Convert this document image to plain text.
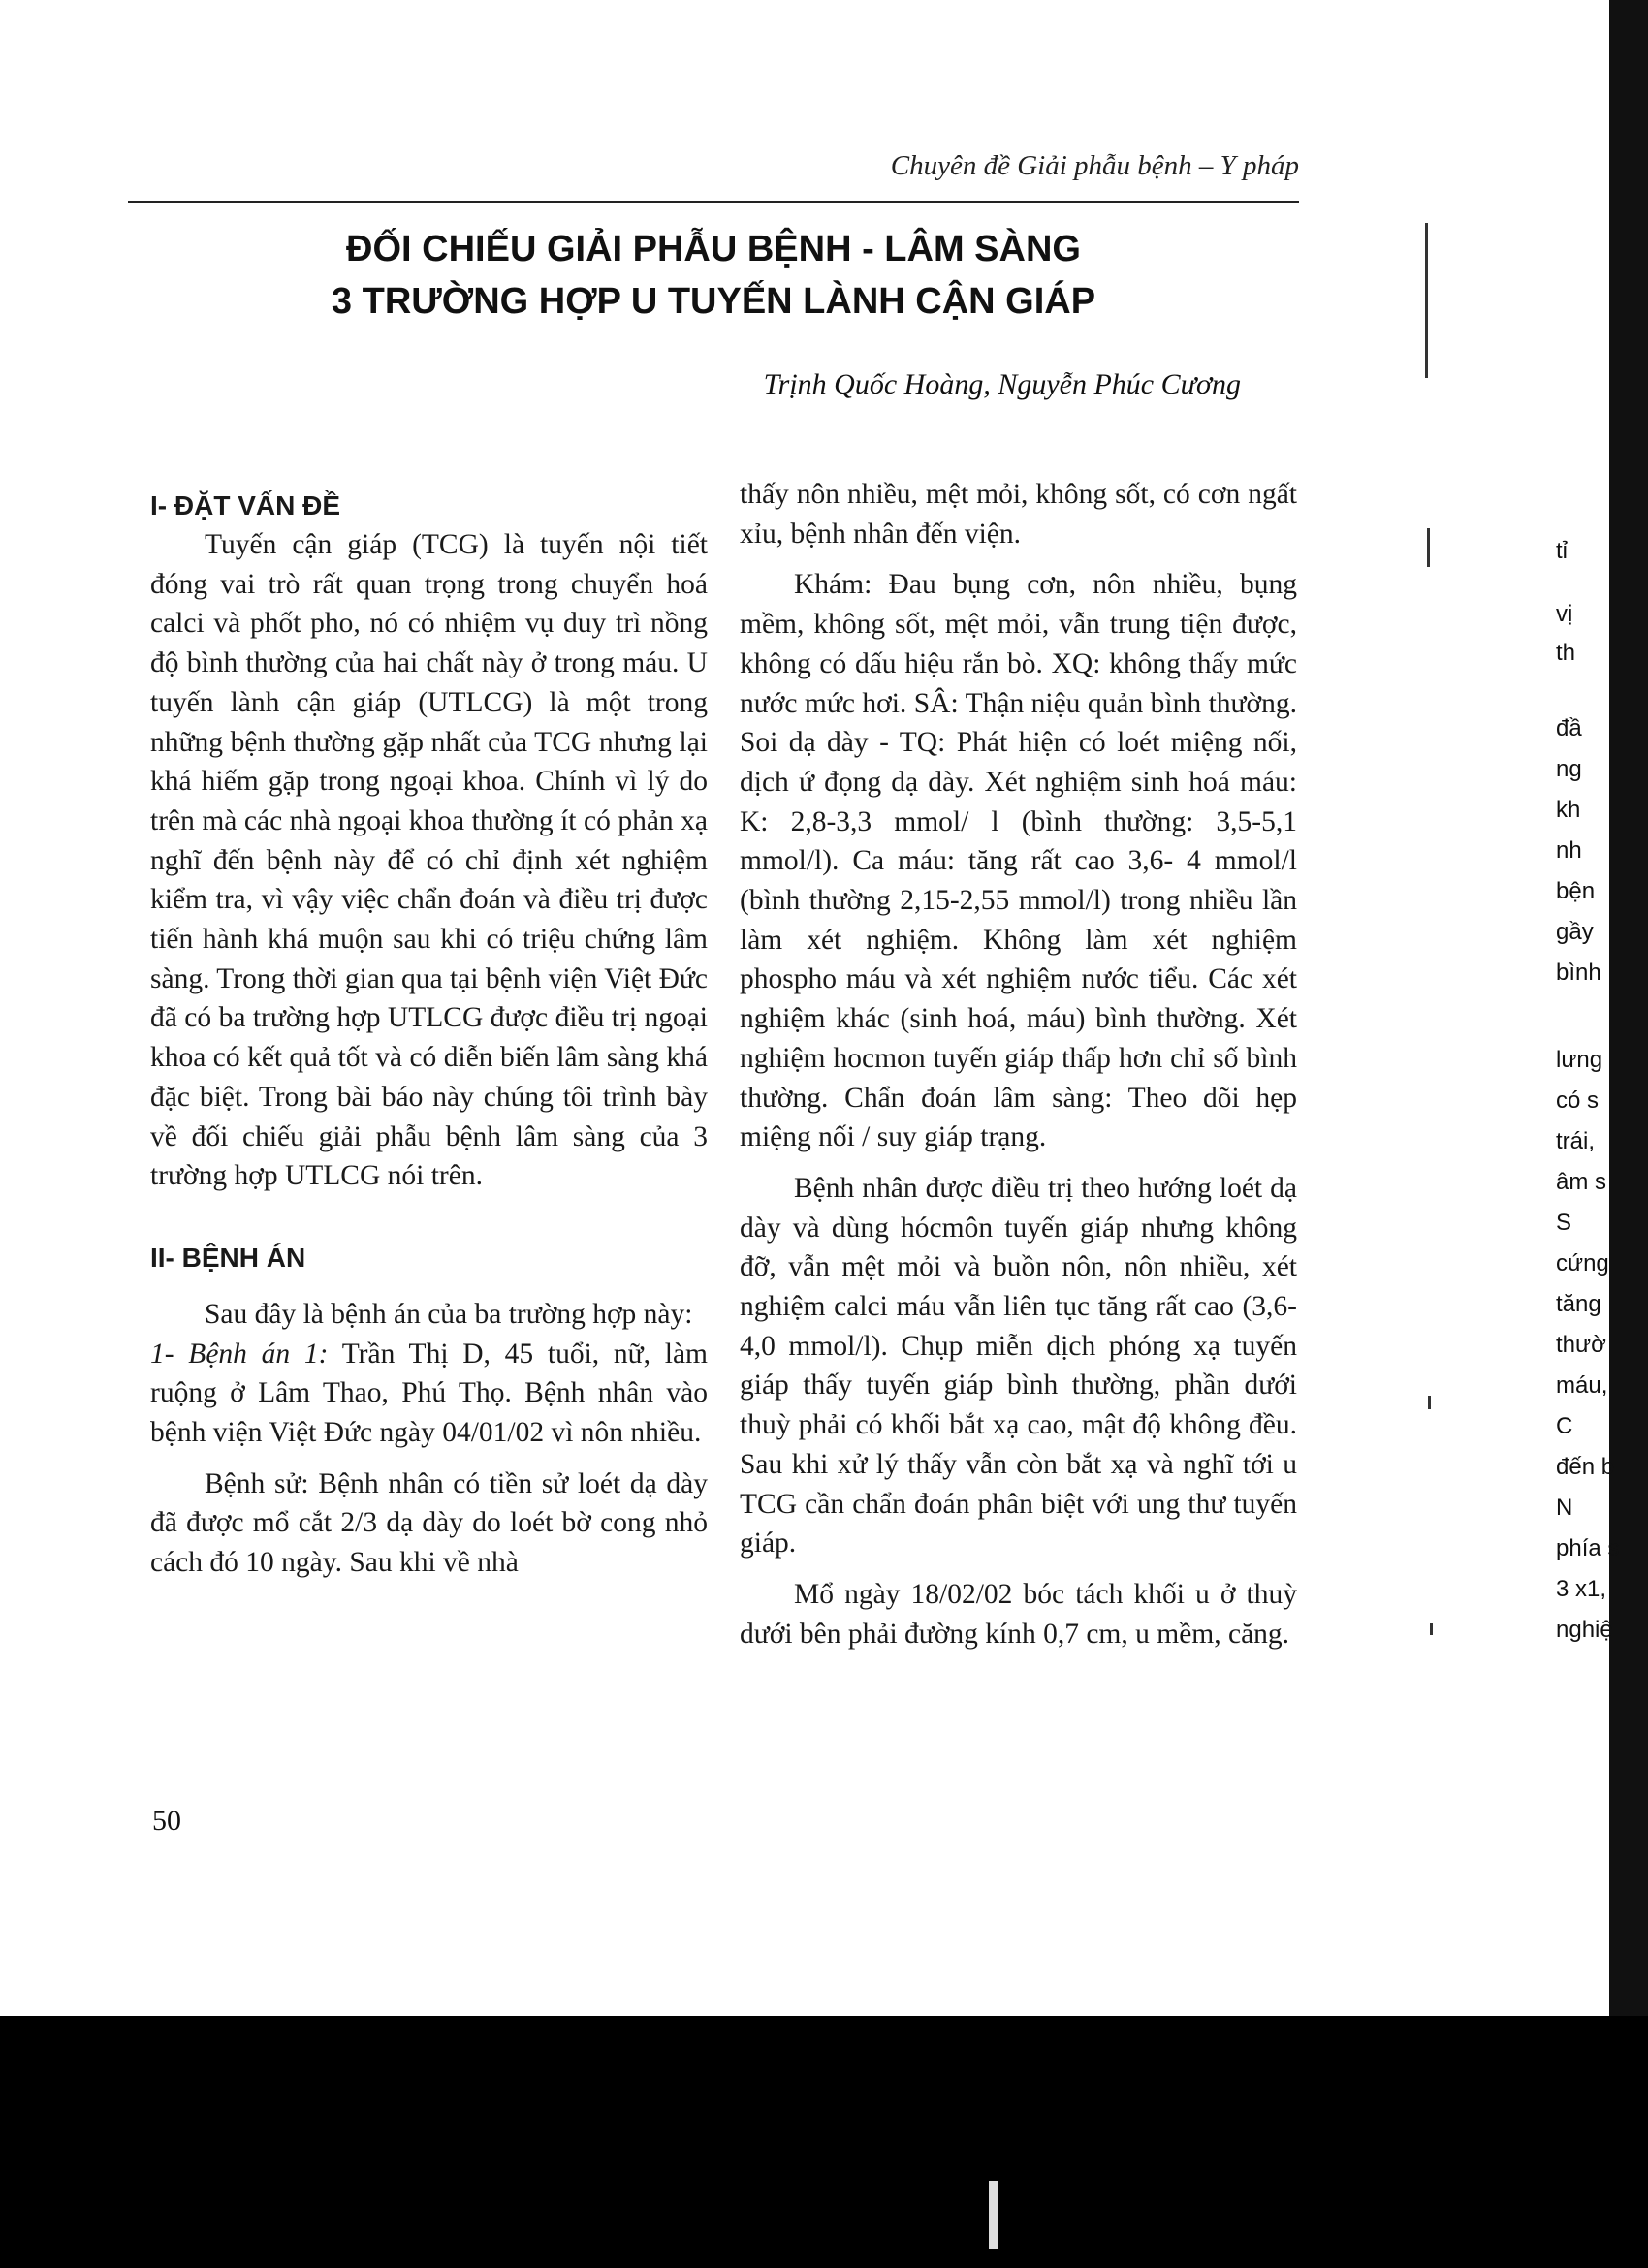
Chuyên đề Giải phẫu bệnh – Y pháp
ĐỐI CHIẾU GIẢI PHẪU BỆNH - LÂM SÀNG
3 TRƯỜNG HỢP U TUYẾN LÀNH CẬN GIÁP
Trịnh Quốc Hoàng, Nguyễn Phúc Cương

I- ĐẶT VẤN ĐỀ

Tuyến cận giáp (TCG) là tuyến nội tiết đóng vai trò rất quan trọng trong chuyển hoá calci và phốt pho, nó có nhiệm vụ duy trì nồng độ bình thường của hai chất này ở trong máu. U tuyến lành cận giáp (UTLCG) là một trong những bệnh thường gặp nhất của TCG nhưng lại khá hiếm gặp trong ngoại khoa. Chính vì lý do trên mà các nhà ngoại khoa thường ít có phản xạ nghĩ đến bệnh này để có chỉ định xét nghiệm kiểm tra, vì vậy việc chẩn đoán và điều trị được tiến hành khá muộn sau khi có triệu chứng lâm sàng. Trong thời gian qua tại bệnh viện Việt Đức đã có ba trường hợp UTLCG được điều trị ngoại khoa có kết quả tốt và có diễn biến lâm sàng khá đặc biệt. Trong bài báo này chúng tôi trình bày về đối chiếu giải phẫu bệnh lâm sàng của 3 trường hợp UTLCG nói trên.

II- BỆNH ÁN

Sau đây là bệnh án của ba trường hợp này:

1- Bệnh án 1: Trần Thị D, 45 tuổi, nữ, làm ruộng ở Lâm Thao, Phú Thọ. Bệnh nhân vào bệnh viện Việt Đức ngày 04/01/02 vì nôn nhiều.

Bệnh sử: Bệnh nhân có tiền sử loét dạ dày đã được mổ cắt 2/3 dạ dày do loét bờ cong nhỏ cách đó 10 ngày. Sau khi về nhà

thấy nôn nhiều, mệt mỏi, không sốt, có cơn ngất xỉu, bệnh nhân đến viện.

Khám: Đau bụng cơn, nôn nhiều, bụng mềm, không sốt, mệt mỏi, vẫn trung tiện được, không có dấu hiệu rắn bò. XQ: không thấy mức nước mức hơi. SÂ: Thận niệu quản bình thường. Soi dạ dày - TQ: Phát hiện có loét miệng nối, dịch ứ đọng dạ dày. Xét nghiệm sinh hoá máu: K: 2,8-3,3 mmol/ l (bình thường: 3,5-5,1 mmol/l). Ca máu: tăng rất cao 3,6- 4 mmol/l (bình thường 2,15-2,55 mmol/l) trong nhiều lần làm xét nghiệm. Không làm xét nghiệm phospho máu và xét nghiệm nước tiểu. Các xét nghiệm khác (sinh hoá, máu) bình thường. Xét nghiệm hocmon tuyến giáp thấp hơn chỉ số bình thường. Chẩn đoán lâm sàng: Theo dõi hẹp miệng nối / suy giáp trạng.

Bệnh nhân được điều trị theo hướng loét dạ dày và dùng hócmôn tuyến giáp nhưng không đỡ, vẫn mệt mỏi và buồn nôn, nôn nhiều, xét nghiệm calci máu vẫn liên tục tăng rất cao (3,6-4,0 mmol/l). Chụp miễn dịch phóng xạ tuyến giáp thấy tuyến giáp bình thường, phần dưới thuỳ phải có khối bắt xạ cao, mật độ không đều. Sau khi xử lý thấy vẫn còn bắt xạ và nghĩ tới u TCG cần chẩn đoán phân biệt với ung thư tuyến giáp.

Mổ ngày 18/02/02 bóc tách khối u ở thuỳ dưới bên phải đường kính 0,7 cm, u mềm, căng.

50
tỉ
vị
th
đầ
ng
kh
nh
bện
gầy
bình
lưng
có s
trái,
âm s
S
cứng
tăng
thườ
máu,
C
đến b
N
phía s
3 x1,
nghiệ
